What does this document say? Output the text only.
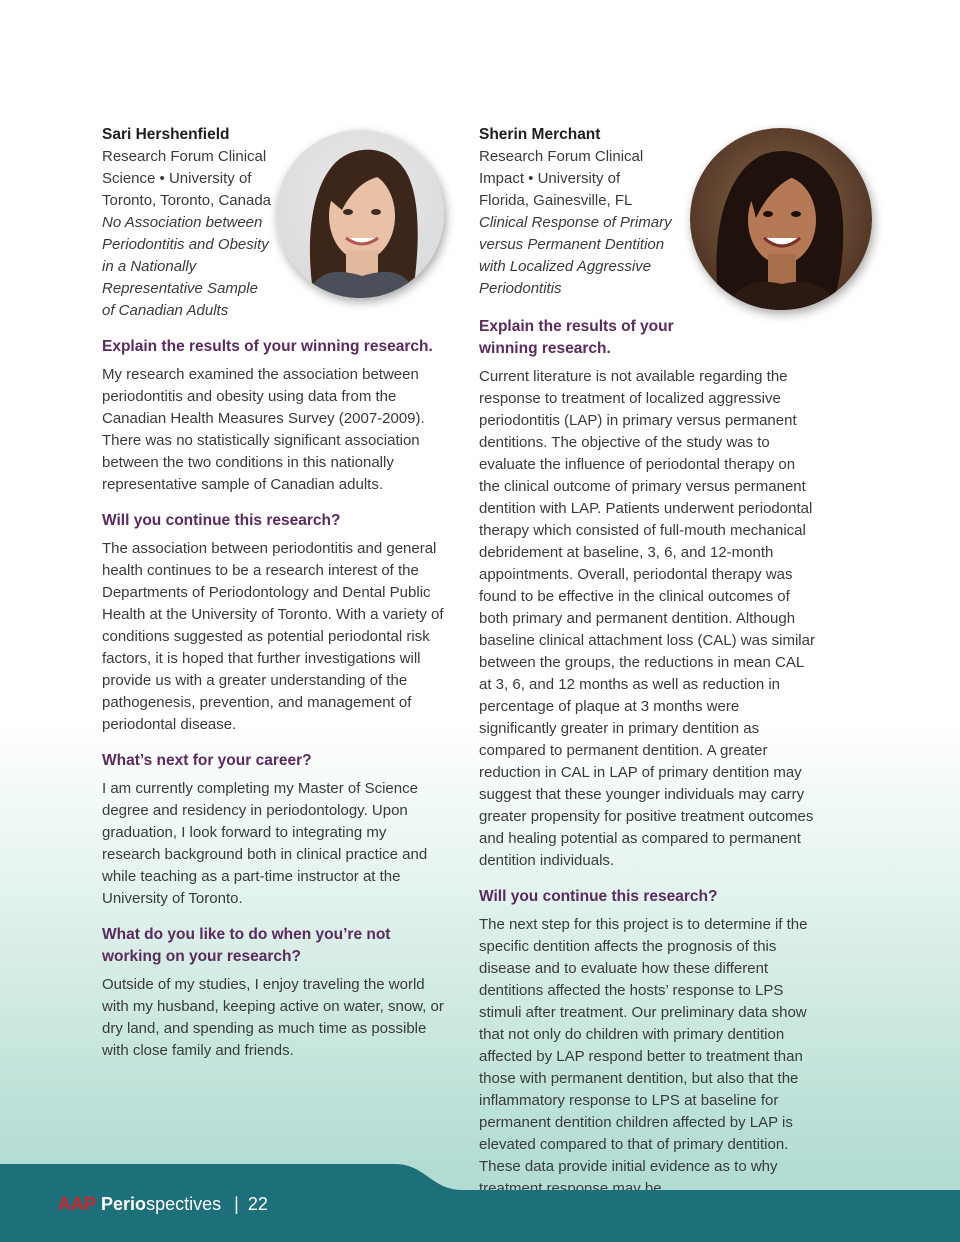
Sari Hershenfield
Research Forum Clinical Science • University of Toronto, Toronto, Canada
No Association between Periodontitis and Obesity in a Nationally Representative Sample of Canadian Adults
Explain the results of your winning research.

My research examined the association between periodontitis and obesity using data from the Canadian Health Measures Survey (2007-2009). There was no statistically significant association between the two conditions in this nationally representative sample of Canadian adults.

Will you continue this research?

The association between periodontitis and general health continues to be a research interest of the Departments of Periodontology and Dental Public Health at the University of Toronto. With a variety of conditions suggested as potential periodontal risk factors, it is hoped that further investigations will provide us with a greater understanding of the pathogenesis, prevention, and management of periodontal disease.

What’s next for your career?

I am currently completing my Master of Science degree and residency in periodontology. Upon graduation, I look forward to integrating my research background both in clinical practice and while teaching as a part-time instructor at the University of Toronto.

What do you like to do when you’re not working on your research?

Outside of my studies, I enjoy traveling the world with my husband, keeping active on water, snow, or dry land, and spending as much time as possible with close family and friends.

Sherin Merchant
Research Forum Clinical Impact • University of Florida, Gainesville, FL
Clinical Response of Primary versus Permanent Dentition with Localized Aggressive Periodontitis
Explain the results of your winning research.

Current literature is not available regarding the response to treatment of localized aggressive periodontitis (LAP) in primary versus permanent dentitions. The objective of the study was to evaluate the influence of periodontal therapy on the clinical outcome of primary versus permanent dentition with LAP. Patients underwent periodontal therapy which consisted of full-mouth mechanical debridement at baseline, 3, 6, and 12-month appointments. Overall, periodontal therapy was found to be effective in the clinical outcomes of both primary and permanent dentition. Although baseline clinical attachment loss (CAL) was similar between the groups, the reductions in mean CAL at 3, 6, and 12 months as well as reduction in percentage of plaque at 3 months were significantly greater in primary dentition as compared to permanent dentition. A greater reduction in CAL in LAP of primary dentition may suggest that these younger individuals may carry greater propensity for positive treatment outcomes and healing potential as compared to permanent dentition individuals.

Will you continue this research?

The next step for this project is to determine if the specific dentition affects the prognosis of this disease and to evaluate how these different dentitions affected the hosts’ response to LPS stimuli after treatment. Our preliminary data show that not only do children with primary dentition affected by LAP respond better to treatment than those with permanent dentition, but also that the inflammatory response to LPS at baseline for permanent dentition children affected by LAP is elevated compared to that of primary dentition. These data provide initial evidence as to why treatment response may be

AAP Periospectives | 22
